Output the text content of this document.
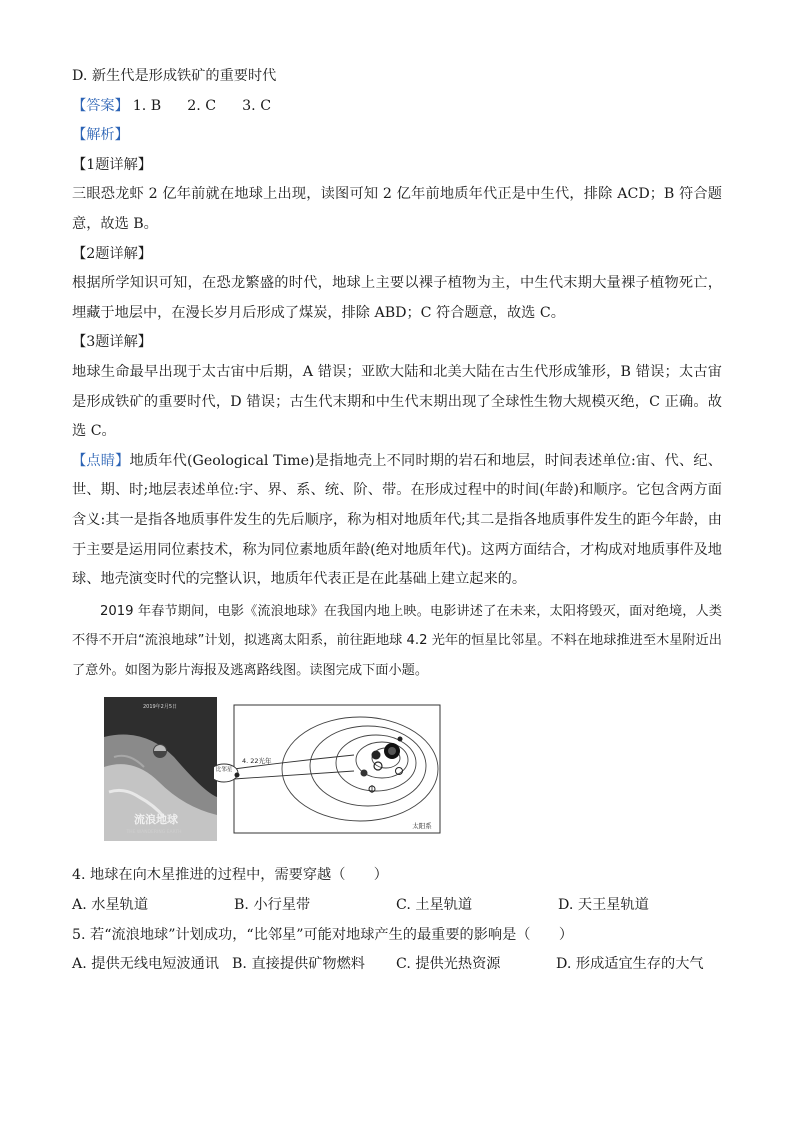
D. 新生代是形成铁矿的重要时代
【答案】 1. B 2. C 3. C
【解析】
【1题详解】
三眼恐龙虾 2 亿年前就在地球上出现，读图可知 2 亿年前地质年代正是中生代，排除 ACD；B 符合题意，故选 B。
【2题详解】
根据所学知识可知，在恐龙繁盛的时代，地球上主要以裸子植物为主，中生代末期大量裸子植物死亡，埋藏于地层中，在漫长岁月后形成了煤炭，排除 ABD；C 符合题意，故选 C。
【3题详解】
地球生命最早出现于太古宙中后期，A 错误；亚欧大陆和北美大陆在古生代形成雏形，B 错误；太古宙是形成铁矿的重要时代，D 错误；古生代末期和中生代末期出现了全球性生物大规模灭绝，C 正确。故选 C。
【点睛】地质年代(Geological Time)是指地壳上不同时期的岩石和地层，时间表述单位:宙、代、纪、世、期、时;地层表述单位:宇、界、系、统、阶、带。在形成过程中的时间(年龄)和顺序。它包含两方面含义:其一是指各地质事件发生的先后顺序，称为相对地质年代;其二是指各地质事件发生的距今年龄，由于主要是运用同位素技术，称为同位素地质年龄(绝对地质年代)。这两方面结合，才构成对地质事件及地球、地壳演变时代的完整认识，地质年代表正是在此基础上建立起来的。
2019 年春节期间，电影《流浪地球》在我国内地上映。电影讲述了在未来，太阳将毁灭，面对绝境，人类不得不开启“流浪地球”计划，拟逃离太阳系，前往距地球 4.2 光年的恒星比邻星。不料在地球推进至木星附近出了意外。如图为影片海报及逃离路线图。读图完成下面小题。
2019年2月5日
流浪地球
THE WANDERING EARTH
4. 22光年
比邻星
太阳系
4. 地球在向木星推进的过程中，需要穿越（　　）
A. 水星轨道	B. 小行星带	C. 土星轨道	D. 天王星轨道
5. 若“流浪地球”计划成功，“比邻星”可能对地球产生的最重要的影响是（　　）
A. 提供无线电短波通讯 B. 直接提供矿物燃料	C. 提供光热资源	D. 形成适宜生存的大气
